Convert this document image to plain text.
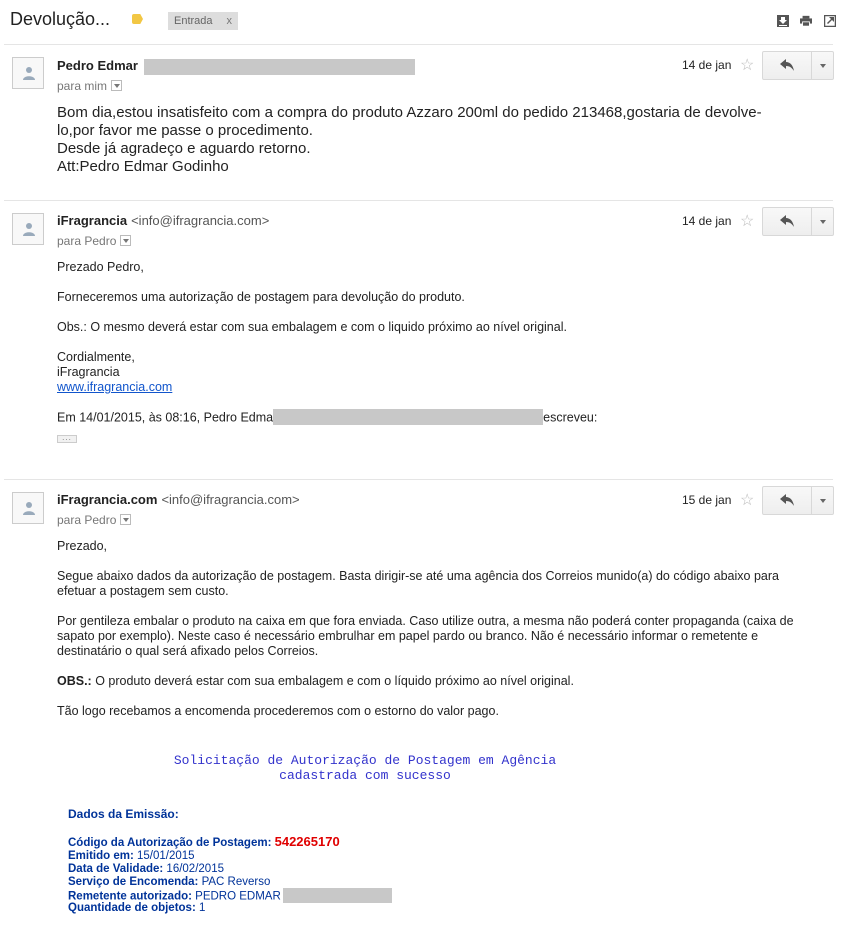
Devolução...	Entrada x
Pedro Edmar
para mim
14 de jan ☆
Bom dia,estou insatisfeito com a compra do produto Azzaro 200ml do pedido 213468,gostaria de devolve-lo,por favor me passe o procedimento.
Desde já agradeço e aguardo retorno.
Att:Pedro Edmar Godinho
iFragrancia <info@ifragrancia.com>
para Pedro
14 de jan ☆
Prezado Pedro,
Forneceremos uma autorização de postagem para devolução do produto.
Obs.: O mesmo deverá estar com sua embalagem e com o liquido próximo ao nível original.
Cordialmente,
iFragrancia
www.ifragrancia.com
Em 14/01/2015, às 08:16, Pedro Edma	escreveu:
...
iFragrancia.com <info@ifragrancia.com>
para Pedro
15 de jan ☆
Prezado,
Segue abaixo dados da autorização de postagem. Basta dirigir-se até uma agência dos Correios munido(a) do código abaixo para efetuar a postagem sem custo.
Por gentileza embalar o produto na caixa em que fora enviada. Caso utilize outra, a mesma não poderá conter propaganda (caixa de sapato por exemplo). Neste caso é necessário embrulhar em papel pardo ou branco. Não é necessário informar o remetente e destinatário o qual será afixado pelos Correios.
OBS.: O produto deverá estar com sua embalagem e com o líquido próximo ao nível original.
Tão logo recebamos a encomenda procederemos com o estorno do valor pago.
Solicitação de Autorização de Postagem em Agência
cadastrada com sucesso
Dados da Emissão:
Código da Autorização de Postagem: 542265170
Emitido em: 15/01/2015
Data de Validade: 16/02/2015
Serviço de Encomenda: PAC Reverso
Remetente autorizado: PEDRO EDMAR
Quantidade de objetos: 1
